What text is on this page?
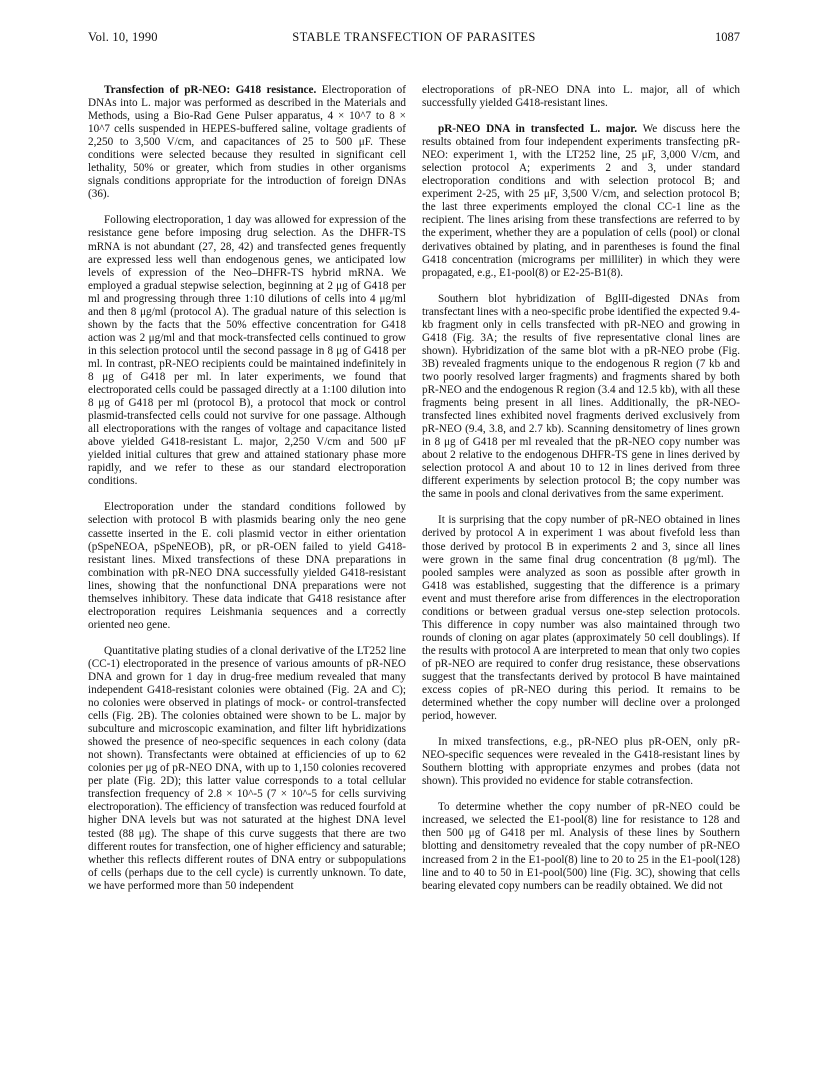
Vol. 10, 1990	STABLE TRANSFECTION OF PARASITES	1087

Transfection of pR-NEO: G418 resistance. Electroporation of DNAs into L. major was performed as described in the Materials and Methods, using a Bio-Rad Gene Pulser apparatus, 4 × 10^7 to 8 × 10^7 cells suspended in HEPES-buffered saline, voltage gradients of 2,250 to 3,500 V/cm, and capacitances of 25 to 500 μF. These conditions were selected because they resulted in significant cell lethality, 50% or greater, which from studies in other organisms signals conditions appropriate for the introduction of foreign DNAs (36).

Following electroporation, 1 day was allowed for expression of the resistance gene before imposing drug selection. As the DHFR-TS mRNA is not abundant (27, 28, 42) and transfected genes frequently are expressed less well than endogenous genes, we anticipated low levels of expression of the Neo–DHFR-TS hybrid mRNA. We employed a gradual stepwise selection, beginning at 2 μg of G418 per ml and progressing through three 1:10 dilutions of cells into 4 μg/ml and then 8 μg/ml (protocol A). The gradual nature of this selection is shown by the facts that the 50% effective concentration for G418 action was 2 μg/ml and that mock-transfected cells continued to grow in this selection protocol until the second passage in 8 μg of G418 per ml. In contrast, pR-NEO recipients could be maintained indefinitely in 8 μg of G418 per ml. In later experiments, we found that electroporated cells could be passaged directly at a 1:100 dilution into 8 μg of G418 per ml (protocol B), a protocol that mock or control plasmid-transfected cells could not survive for one passage. Although all electroporations with the ranges of voltage and capacitance listed above yielded G418-resistant L. major, 2,250 V/cm and 500 μF yielded initial cultures that grew and attained stationary phase more rapidly, and we refer to these as our standard electroporation conditions.

Electroporation under the standard conditions followed by selection with protocol B with plasmids bearing only the neo gene cassette inserted in the E. coli plasmid vector in either orientation (pSpeNEOA, pSpeNEOB), pR, or pR-OEN failed to yield G418-resistant lines. Mixed transfections of these DNA preparations in combination with pR-NEO DNA successfully yielded G418-resistant lines, showing that the nonfunctional DNA preparations were not themselves inhibitory. These data indicate that G418 resistance after electroporation requires Leishmania sequences and a correctly oriented neo gene.

Quantitative plating studies of a clonal derivative of the LT252 line (CC-1) electroporated in the presence of various amounts of pR-NEO DNA and grown for 1 day in drug-free medium revealed that many independent G418-resistant colonies were obtained (Fig. 2A and C); no colonies were observed in platings of mock- or control-transfected cells (Fig. 2B). The colonies obtained were shown to be L. major by subculture and microscopic examination, and filter lift hybridizations showed the presence of neo-specific sequences in each colony (data not shown). Transfectants were obtained at efficiencies of up to 62 colonies per μg of pR-NEO DNA, with up to 1,150 colonies recovered per plate (Fig. 2D); this latter value corresponds to a total cellular transfection frequency of 2.8 × 10^-5 (7 × 10^-5 for cells surviving electroporation). The efficiency of transfection was reduced fourfold at higher DNA levels but was not saturated at the highest DNA level tested (88 μg). The shape of this curve suggests that there are two different routes for transfection, one of higher efficiency and saturable; whether this reflects different routes of DNA entry or subpopulations of cells (perhaps due to the cell cycle) is currently unknown. To date, we have performed more than 50 independent

electroporations of pR-NEO DNA into L. major, all of which successfully yielded G418-resistant lines.

pR-NEO DNA in transfected L. major. We discuss here the results obtained from four independent experiments transfecting pR-NEO: experiment 1, with the LT252 line, 25 μF, 3,000 V/cm, and selection protocol A; experiments 2 and 3, under standard electroporation conditions and with selection protocol B; and experiment 2-25, with 25 μF, 3,500 V/cm, and selection protocol B; the last three experiments employed the clonal CC-1 line as the recipient. The lines arising from these transfections are referred to by the experiment, whether they are a population of cells (pool) or clonal derivatives obtained by plating, and in parentheses is found the final G418 concentration (micrograms per milliliter) in which they were propagated, e.g., E1-pool(8) or E2-25-B1(8).

Southern blot hybridization of BglII-digested DNAs from transfectant lines with a neo-specific probe identified the expected 9.4-kb fragment only in cells transfected with pR-NEO and growing in G418 (Fig. 3A; the results of five representative clonal lines are shown). Hybridization of the same blot with a pR-NEO probe (Fig. 3B) revealed fragments unique to the endogenous R region (7 kb and two poorly resolved larger fragments) and fragments shared by both pR-NEO and the endogenous R region (3.4 and 12.5 kb), with all these fragments being present in all lines. Additionally, the pR-NEO-transfected lines exhibited novel fragments derived exclusively from pR-NEO (9.4, 3.8, and 2.7 kb). Scanning densitometry of lines grown in 8 μg of G418 per ml revealed that the pR-NEO copy number was about 2 relative to the endogenous DHFR-TS gene in lines derived by selection protocol A and about 10 to 12 in lines derived from three different experiments by selection protocol B; the copy number was the same in pools and clonal derivatives from the same experiment.

It is surprising that the copy number of pR-NEO obtained in lines derived by protocol A in experiment 1 was about fivefold less than those derived by protocol B in experiments 2 and 3, since all lines were grown in the same final drug concentration (8 μg/ml). The pooled samples were analyzed as soon as possible after growth in G418 was established, suggesting that the difference is a primary event and must therefore arise from differences in the electroporation conditions or between gradual versus one-step selection protocols. This difference in copy number was also maintained through two rounds of cloning on agar plates (approximately 50 cell doublings). If the results with protocol A are interpreted to mean that only two copies of pR-NEO are required to confer drug resistance, these observations suggest that the transfectants derived by protocol B have maintained excess copies of pR-NEO during this period. It remains to be determined whether the copy number will decline over a prolonged period, however.

In mixed transfections, e.g., pR-NEO plus pR-OEN, only pR-NEO-specific sequences were revealed in the G418-resistant lines by Southern blotting with appropriate enzymes and probes (data not shown). This provided no evidence for stable cotransfection.

To determine whether the copy number of pR-NEO could be increased, we selected the E1-pool(8) line for resistance to 128 and then 500 μg of G418 per ml. Analysis of these lines by Southern blotting and densitometry revealed that the copy number of pR-NEO increased from 2 in the E1-pool(8) line to 20 to 25 in the E1-pool(128) line and to 40 to 50 in E1-pool(500) line (Fig. 3C), showing that cells bearing elevated copy numbers can be readily obtained. We did not
